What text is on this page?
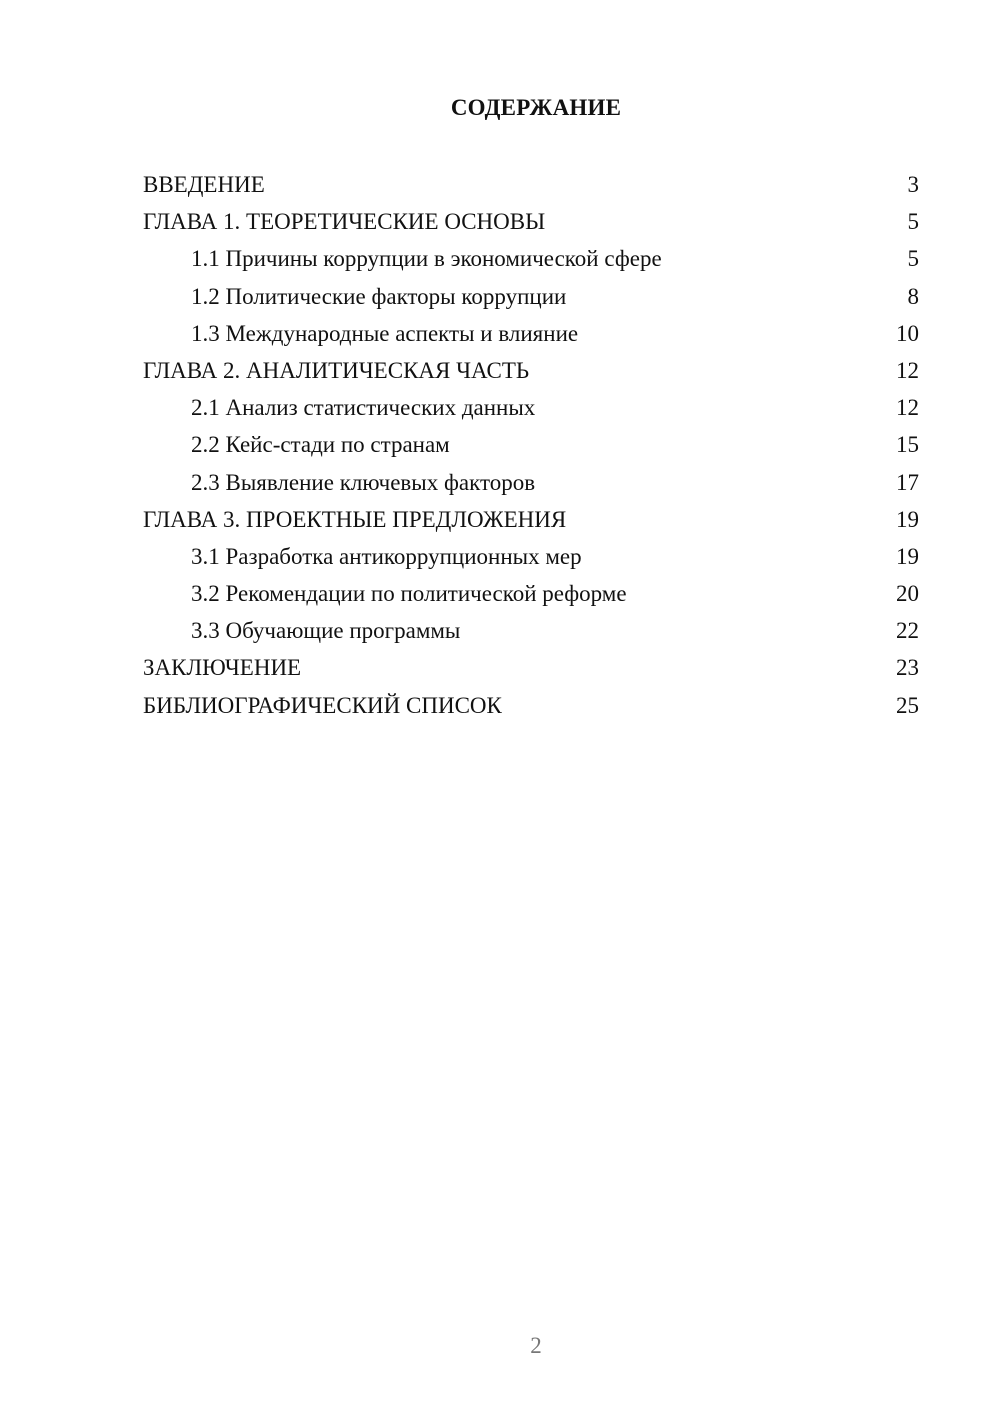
СОДЕРЖАНИЕ
ВВЕДЕНИЕ	3
ГЛАВА 1. ТЕОРЕТИЧЕСКИЕ ОСНОВЫ	5
1.1 Причины коррупции в экономической сфере	5
1.2 Политические факторы коррупции	8
1.3 Международные аспекты и влияние	10
ГЛАВА 2. АНАЛИТИЧЕСКАЯ ЧАСТЬ	12
2.1 Анализ статистических данных	12
2.2 Кейс-стади по странам	15
2.3 Выявление ключевых факторов	17
ГЛАВА 3. ПРОЕКТНЫЕ ПРЕДЛОЖЕНИЯ	19
3.1 Разработка антикоррупционных мер	19
3.2 Рекомендации по политической реформе	20
3.3 Обучающие программы	22
ЗАКЛЮЧЕНИЕ	23
БИБЛИОГРАФИЧЕСКИЙ СПИСОК	25
2
